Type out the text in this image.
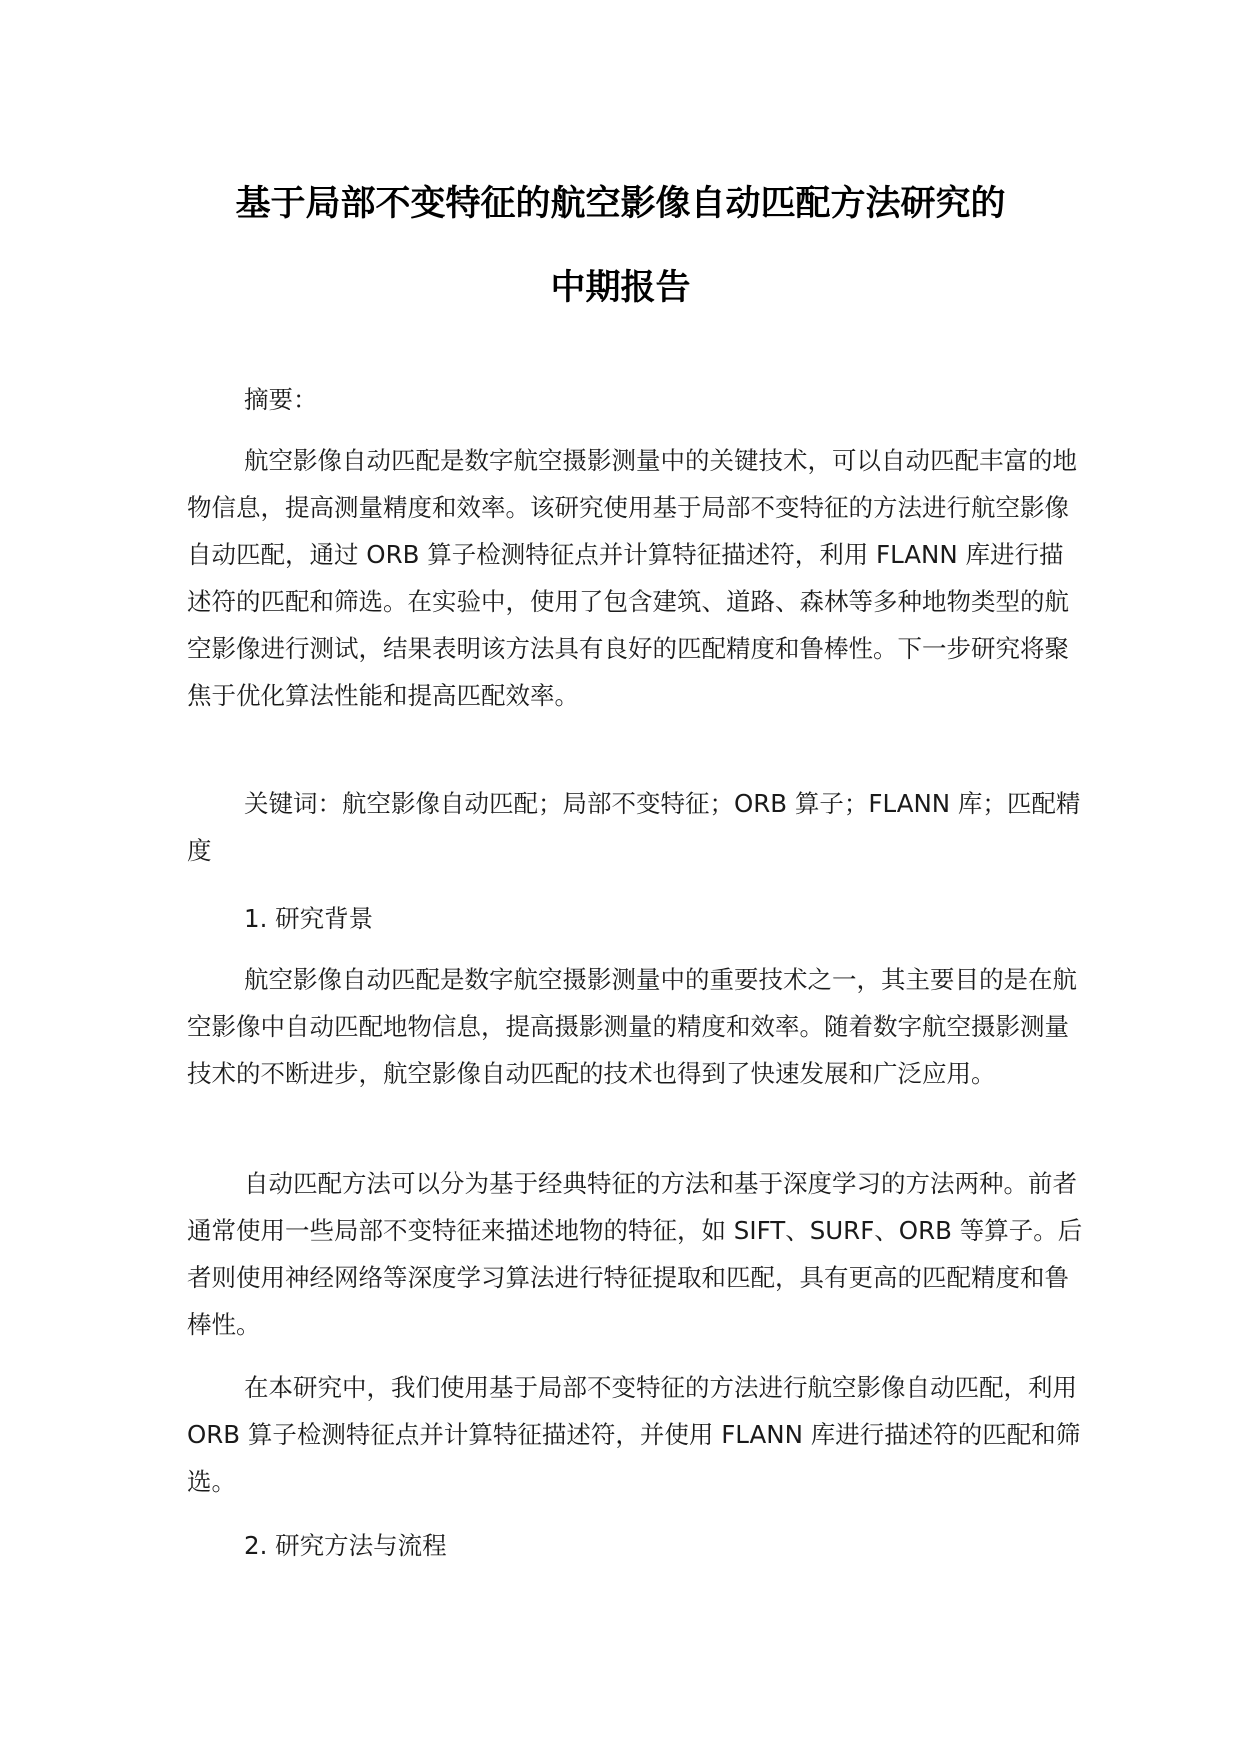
基于局部不变特征的航空影像自动匹配方法研究的
中期报告

摘要：

航空影像自动匹配是数字航空摄影测量中的关键技术，可以自动匹配丰富的地物信息，提高测量精度和效率。该研究使用基于局部不变特征的方法进行航空影像自动匹配，通过 ORB 算子检测特征点并计算特征描述符，利用 FLANN 库进行描述符的匹配和筛选。在实验中，使用了包含建筑、道路、森林等多种地物类型的航空影像进行测试，结果表明该方法具有良好的匹配精度和鲁棒性。下一步研究将聚焦于优化算法性能和提高匹配效率。

关键词：航空影像自动匹配；局部不变特征；ORB 算子；FLANN 库；匹配精度

1. 研究背景

航空影像自动匹配是数字航空摄影测量中的重要技术之一，其主要目的是在航空影像中自动匹配地物信息，提高摄影测量的精度和效率。随着数字航空摄影测量技术的不断进步，航空影像自动匹配的技术也得到了快速发展和广泛应用。

自动匹配方法可以分为基于经典特征的方法和基于深度学习的方法两种。前者通常使用一些局部不变特征来描述地物的特征，如 SIFT、SURF、ORB 等算子。后者则使用神经网络等深度学习算法进行特征提取和匹配，具有更高的匹配精度和鲁棒性。

在本研究中，我们使用基于局部不变特征的方法进行航空影像自动匹配，利用 ORB 算子检测特征点并计算特征描述符，并使用 FLANN 库进行描述符的匹配和筛选。

2. 研究方法与流程
